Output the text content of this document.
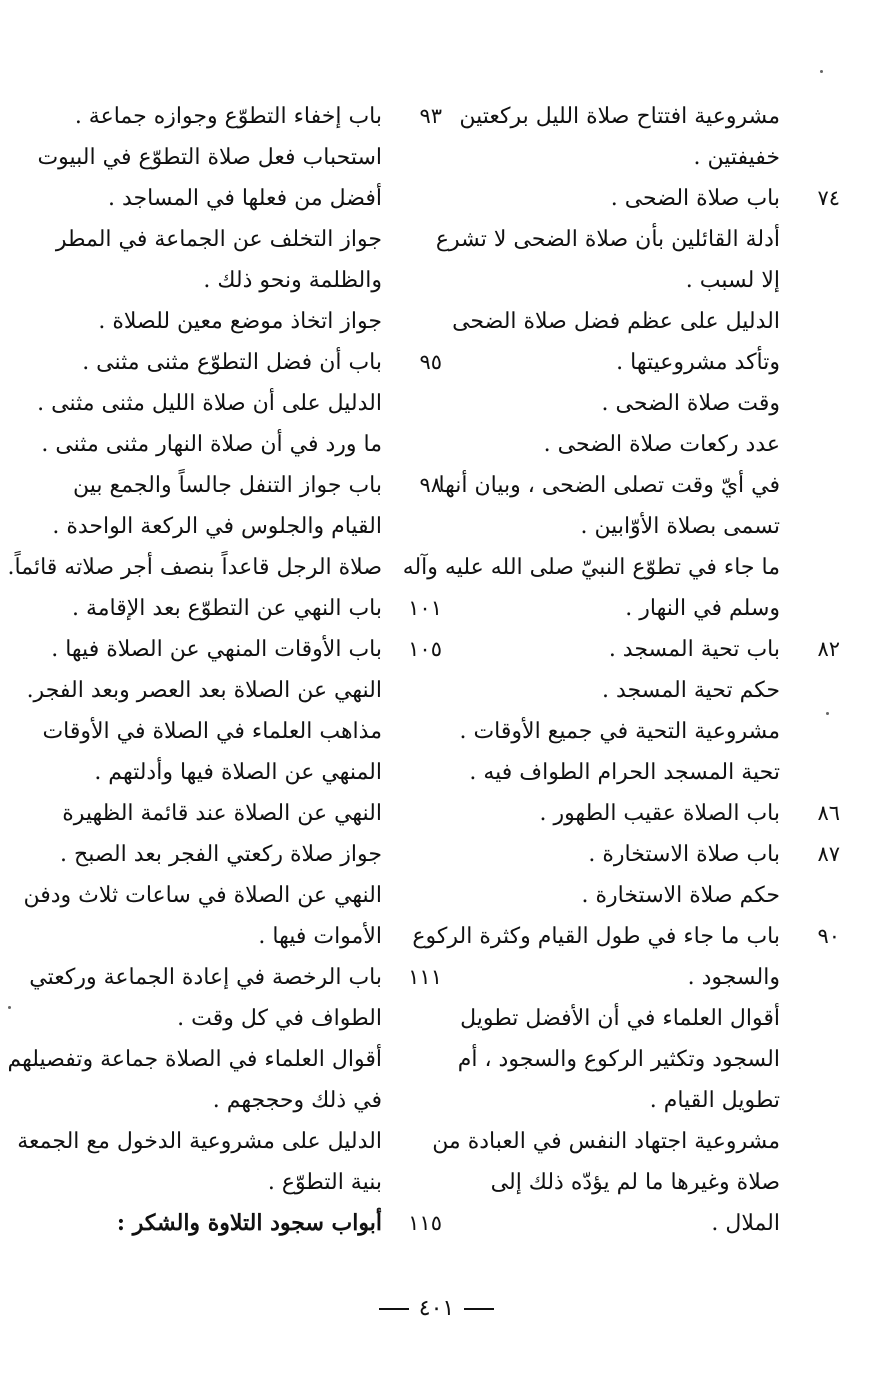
مشروعية افتتاح صلاة الليل بركعتين
خفيفتين .
٧٤
باب صلاة الضحى .
أدلة القائلين بأن صلاة الضحى لا تشرع
إلا لسبب .
الدليل على عظم فضل صلاة الضحى
وتأكد مشروعيتها .
وقت صلاة الضحى .
عدد ركعات صلاة الضحى .
في أيّ وقت تصلى الضحى ، وبيان أنها
تسمى بصلاة الأوّابين .
ما جاء في تطوّع النبيّ صلى الله عليه وآله
وسلم في النهار .
٨٢
باب تحية المسجد .
حكم تحية المسجد .
مشروعية التحية في جميع الأوقات .
تحية المسجد الحرام الطواف فيه .
٨٦
باب الصلاة عقيب الطهور .
٨٧
باب صلاة الاستخارة .
حكم صلاة الاستخارة .
٩٠
باب ما جاء في طول القيام وكثرة الركوع
والسجود .
أقوال العلماء في أن الأفضل تطويل
السجود وتكثير الركوع والسجود ، أم
تطويل القيام .
مشروعية اجتهاد النفس في العبادة من
صلاة وغيرها ما لم يؤدّه ذلك إلى
الملال .
٩٣
باب إخفاء التطوّع وجوازه جماعة .
استحباب فعل صلاة التطوّع في البيوت
أفضل من فعلها في المساجد .
جواز التخلف عن الجماعة في المطر
والظلمة ونحو ذلك .
جواز اتخاذ موضع معين للصلاة .
٩٥
باب أن فضل التطوّع مثنى مثنى .
الدليل على أن صلاة الليل مثنى مثنى .
ما ورد في أن صلاة النهار مثنى مثنى .
٩٨
باب جواز التنفل جالساً والجمع بين
القيام والجلوس في الركعة الواحدة .
صلاة الرجل قاعداً بنصف أجر صلاته قائماً.
١٠١
باب النهي عن التطوّع بعد الإقامة .
١٠٥
باب الأوقات المنهي عن الصلاة فيها .
النهي عن الصلاة بعد العصر وبعد الفجر.
مذاهب العلماء في الصلاة في الأوقات
المنهي عن الصلاة فيها وأدلتهم .
النهي عن الصلاة عند قائمة الظهيرة
جواز صلاة ركعتي الفجر بعد الصبح .
النهي عن الصلاة في ساعات ثلاث ودفن
الأموات فيها .
١١١
باب الرخصة في إعادة الجماعة وركعتي
الطواف في كل وقت .
أقوال العلماء في الصلاة جماعة وتفصيلهم
في ذلك وحججهم .
الدليل على مشروعية الدخول مع الجمعة
بنية التطوّع .
١١٥
أبواب سجود التلاوة والشكر :
٤٠١
